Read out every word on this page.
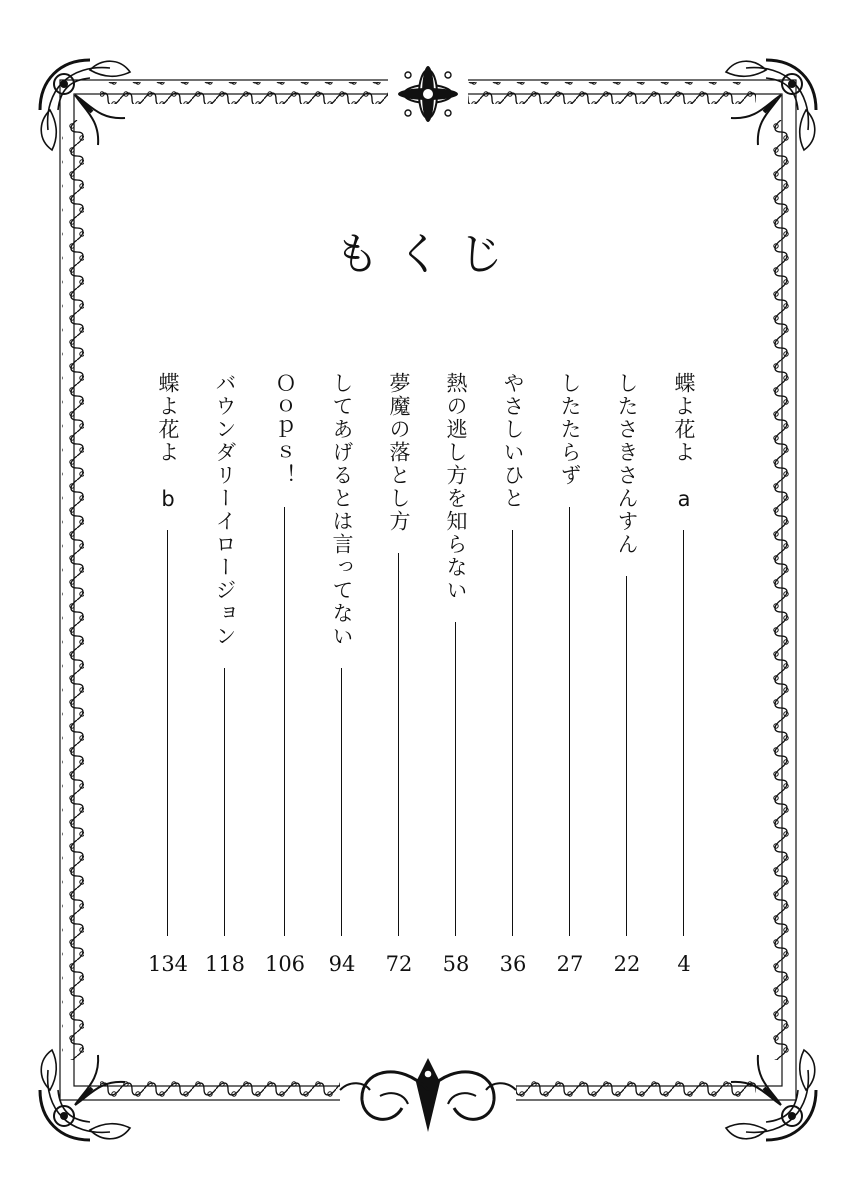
もくじ
蝶よ花よ　a
4
したさきさんすん
22
したたらず
27
やさしいひと
36
熱の逃し方を知らない
58
夢魔の落とし方
72
してあげるとは言ってない
94
Ｏｏｐｓ！
106
バウンダリーイロージョン
118
蝶よ花よ　b
134
